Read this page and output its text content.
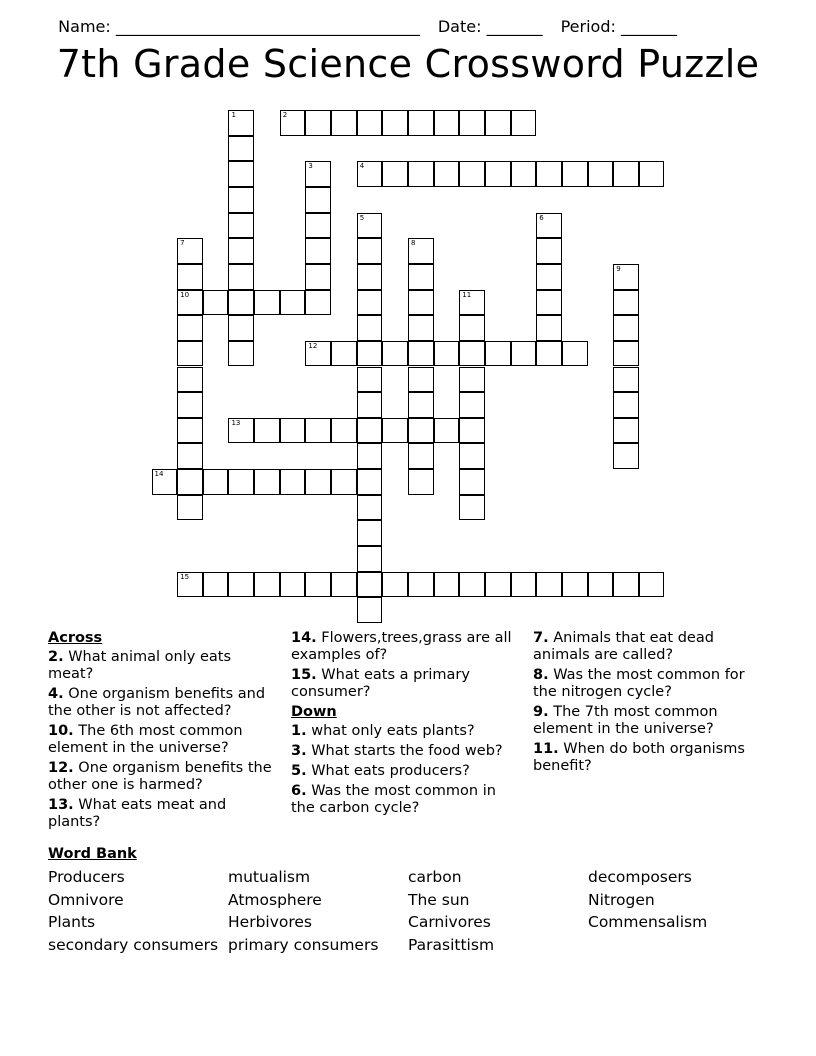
Name: ______________________________________ Date: _______ Period: _______

7th Grade Science Crossword Puzzle
1	2
3	4
5	6
7
10
8
9
11
12
13
14
15
Across
2. What animal only eats meat?
4. One organism benefits and the other is not affected?
10. The 6th most common element in the universe?
12. One organism benefits the other one is harmed?
13. What eats meat and plants?
14. Flowers,trees,grass are all examples of?
15. What eats a primary consumer?
Down
1. what only eats plants?
3. What starts the food web?
5. What eats producers?
6. Was the most common in the carbon cycle?
7. Animals that eat dead animals are called?
8. Was the most common for the nitrogen cycle?
9. The 7th most common element in the universe?
11. When do both organisms benefit?
Word Bank
Producers
Omnivore
Plants
secondary consumers
mutualism
Atmosphere
Herbivores
primary consumers
carbon
The sun
Carnivores
Parasittism
decomposers
Nitrogen
Commensalism
